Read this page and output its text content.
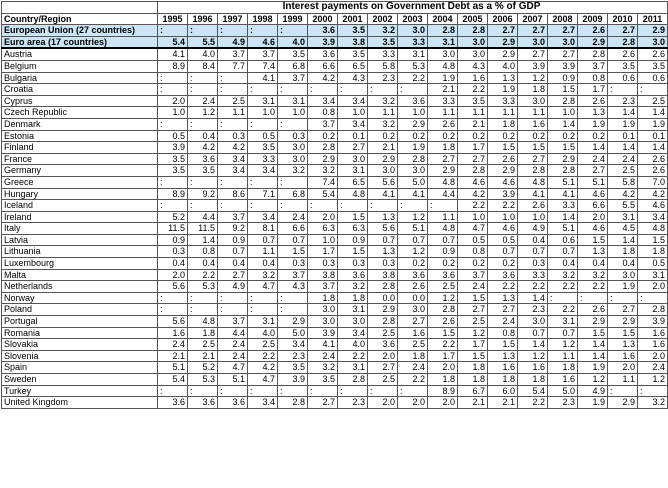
	Interest payments on Government Debt as a % of GDP																
Country/Region	1995	1996	1997	1998	1999	2000	2001	2002	2003	2004	2005	2006	2007	2008	2009	2010	2011
European Union (27 countries)	:	:	:	:	:	3.6	3.5	3.2	3.0	2.8	2.8	2.7	2.7	2.7	2.6	2.7	2.9
Euro area (17 countries)	5.4	5.5	4.9	4.6	4.0	3.9	3.8	3.5	3.3	3.1	3.0	2.9	3.0	3.0	2.9	2.8	3.0
Austria	4.1	4.0	3.7	3.7	3.5	3.6	3.5	3.3	3.1	3.0	3.0	2.9	2.7	2.7	2.8	2.6	2.6
Belgium	8.9	8.4	7.7	7.4	6.8	6.6	6.5	5.8	5.3	4.8	4.3	4.0	3.9	3.9	3.7	3.5	3.5
Bulgaria	:	:	:	4.1	3.7	4.2	4.3	2.3	2.2	1.9	1.6	1.3	1.2	0.9	0.8	0.6	0.6
Croatia	:	:	:	:	:	:	:	:	:	2.1	2.2	1.9	1.8	1.5	1.7	:	:
Cyprus	2.0	2.4	2.5	3.1	3.1	3.4	3.4	3.2	3.6	3.3	3.5	3.3	3.0	2.8	2.6	2.3	2.5
Czech Republic	1.0	1.2	1.1	1.0	1.0	0.8	1.0	1.1	1.0	1.1	1.1	1.1	1.1	1.0	1.3	1.4	1.4
Denmark	:	:	:	:	:	3.7	3.4	3.2	2.9	2.6	2.1	1.8	1.6	1.4	1.9	1.9	1.9
Estonia	0.5	0.4	0.3	0.5	0.3	0.2	0.1	0.2	0.2	0.2	0.2	0.2	0.2	0.2	0.2	0.1	0.1
Finland	3.9	4.2	4.2	3.5	3.0	2.8	2.7	2.1	1.9	1.8	1.7	1.5	1.5	1.5	1.4	1.4	1.4
France	3.5	3.6	3.4	3.3	3.0	2.9	3.0	2.9	2.8	2.7	2.7	2.6	2.7	2.9	2.4	2.4	2.6
Germany	3.5	3.5	3.4	3.4	3.2	3.2	3.1	3.0	3.0	2.9	2.8	2.9	2.8	2.8	2.7	2.5	2.6
Greece	:	:	:	:	:	7.4	6.5	5.6	5.0	4.8	4.6	4.6	4.8	5.1	5.1	5.8	7.0
Hungary	8.9	9.2	8.6	7.1	6.8	5.4	4.8	4.1	4.1	4.4	4.2	3.9	4.1	4.1	4.6	4.2	4.2
Iceland	:	:	:	:	:	:	:	:	:	:	2.2	2.2	2.6	3.3	6.6	5.5	4.6
Ireland	5.2	4.4	3.7	3.4	2.4	2.0	1.5	1.3	1.2	1.1	1.0	1.0	1.0	1.4	2.0	3.1	3.4
Italy	11.5	11.5	9.2	8.1	6.6	6.3	6.3	5.6	5.1	4.8	4.7	4.6	4.9	5.1	4.6	4.5	4.8
Latvia	0.9	1.4	0.9	0.7	0.7	1.0	0.9	0.7	0.7	0.7	0.5	0.5	0.4	0.6	1.5	1.4	1.5
Lithuania	0.3	0.8	0.7	1.1	1.5	1.7	1.5	1.3	1.2	0.9	0.8	0.7	0.7	0.7	1.3	1.8	1.8
Luxembourg	0.4	0.4	0.4	0.4	0.3	0.3	0.3	0.3	0.2	0.2	0.2	0.2	0.3	0.4	0.4	0.4	0.5
Malta	2.0	2.2	2.7	3.2	3.7	3.8	3.6	3.8	3.6	3.6	3.7	3.6	3.3	3.2	3.2	3.0	3.1
Netherlands	5.6	5.3	4.9	4.7	4.3	3.7	3.2	2.8	2.6	2.5	2.4	2.2	2.2	2.2	2.2	1.9	2.0
Norway	:	:	:	:	:	1.8	1.8	0.0	0.0	1.2	1.5	1.3	1.4	:	:	:	:
Poland	:	:	:	:	:	3.0	3.1	2.9	3.0	2.8	2.7	2.7	2.3	2.2	2.6	2.7	2.8
Portugal	5.6	4.8	3.7	3.1	2.9	3.0	3.0	2.8	2.7	2.6	2.5	2.4	3.0	3.1	2.9	2.9	3.9
Romania	1.6	1.8	4.4	4.0	5.0	3.9	3.4	2.5	1.6	1.5	1.2	0.8	0.7	0.7	1.5	1.5	1.6
Slovakia	2.4	2.5	2.4	2.5	3.4	4.1	4.0	3.6	2.5	2.2	1.7	1.5	1.4	1.2	1.4	1.3	1.6
Slovenia	2.1	2.1	2.4	2.2	2.3	2.4	2.2	2.0	1.8	1.7	1.5	1.3	1.2	1.1	1.4	1.6	2.0
Spain	5.1	5.2	4.7	4.2	3.5	3.2	3.1	2.7	2.4	2.0	1.8	1.6	1.6	1.8	1.9	2.0	2.4
Sweden	5.4	5.3	5.1	4.7	3.9	3.5	2.8	2.5	2.2	1.8	1.8	1.8	1.8	1.6	1.2	1.1	1.2
Turkey	:	:	:	:	:	:	:	:	:	8.9	6.7	6.0	5.4	5.0	4.9	:	:
United Kingdom	3.6	3.6	3.6	3.4	2.8	2.7	2.3	2.0	2.0	2.0	2.1	2.1	2.2	2.3	1.9	2.9	3.2
